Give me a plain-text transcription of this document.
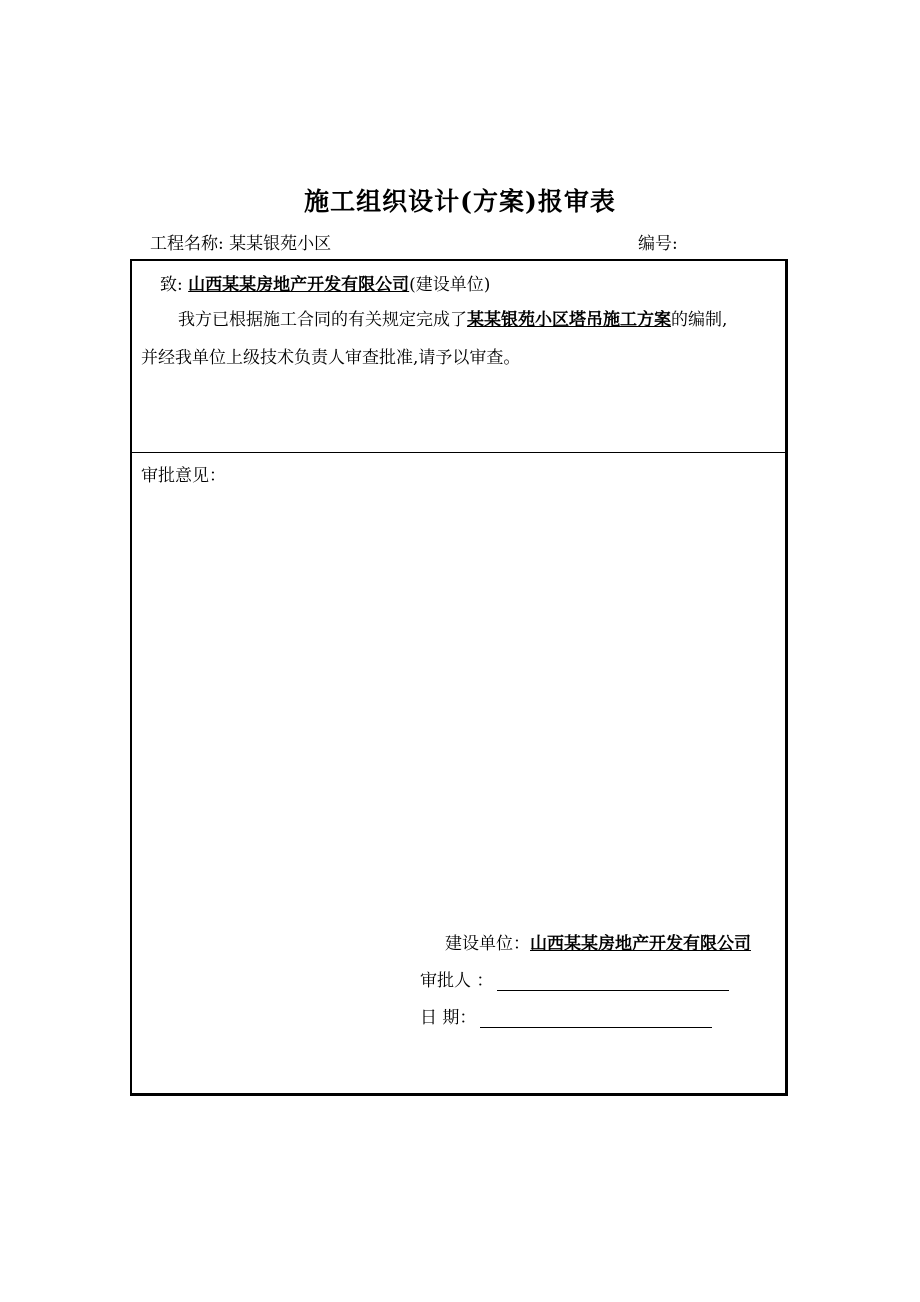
施工组织设计(方案)报审表
工程名称: 某某银苑小区	编号:
致: 山西某某房地产开发有限公司(建设单位)
我方已根据施工合同的有关规定完成了某某银苑小区塔吊施工方案的编制,
并经我单位上级技术负责人审查批准,请予以审查。
审批意见：
建设单位：山西某某房地产开发有限公司
审批人 ：
日 期：
